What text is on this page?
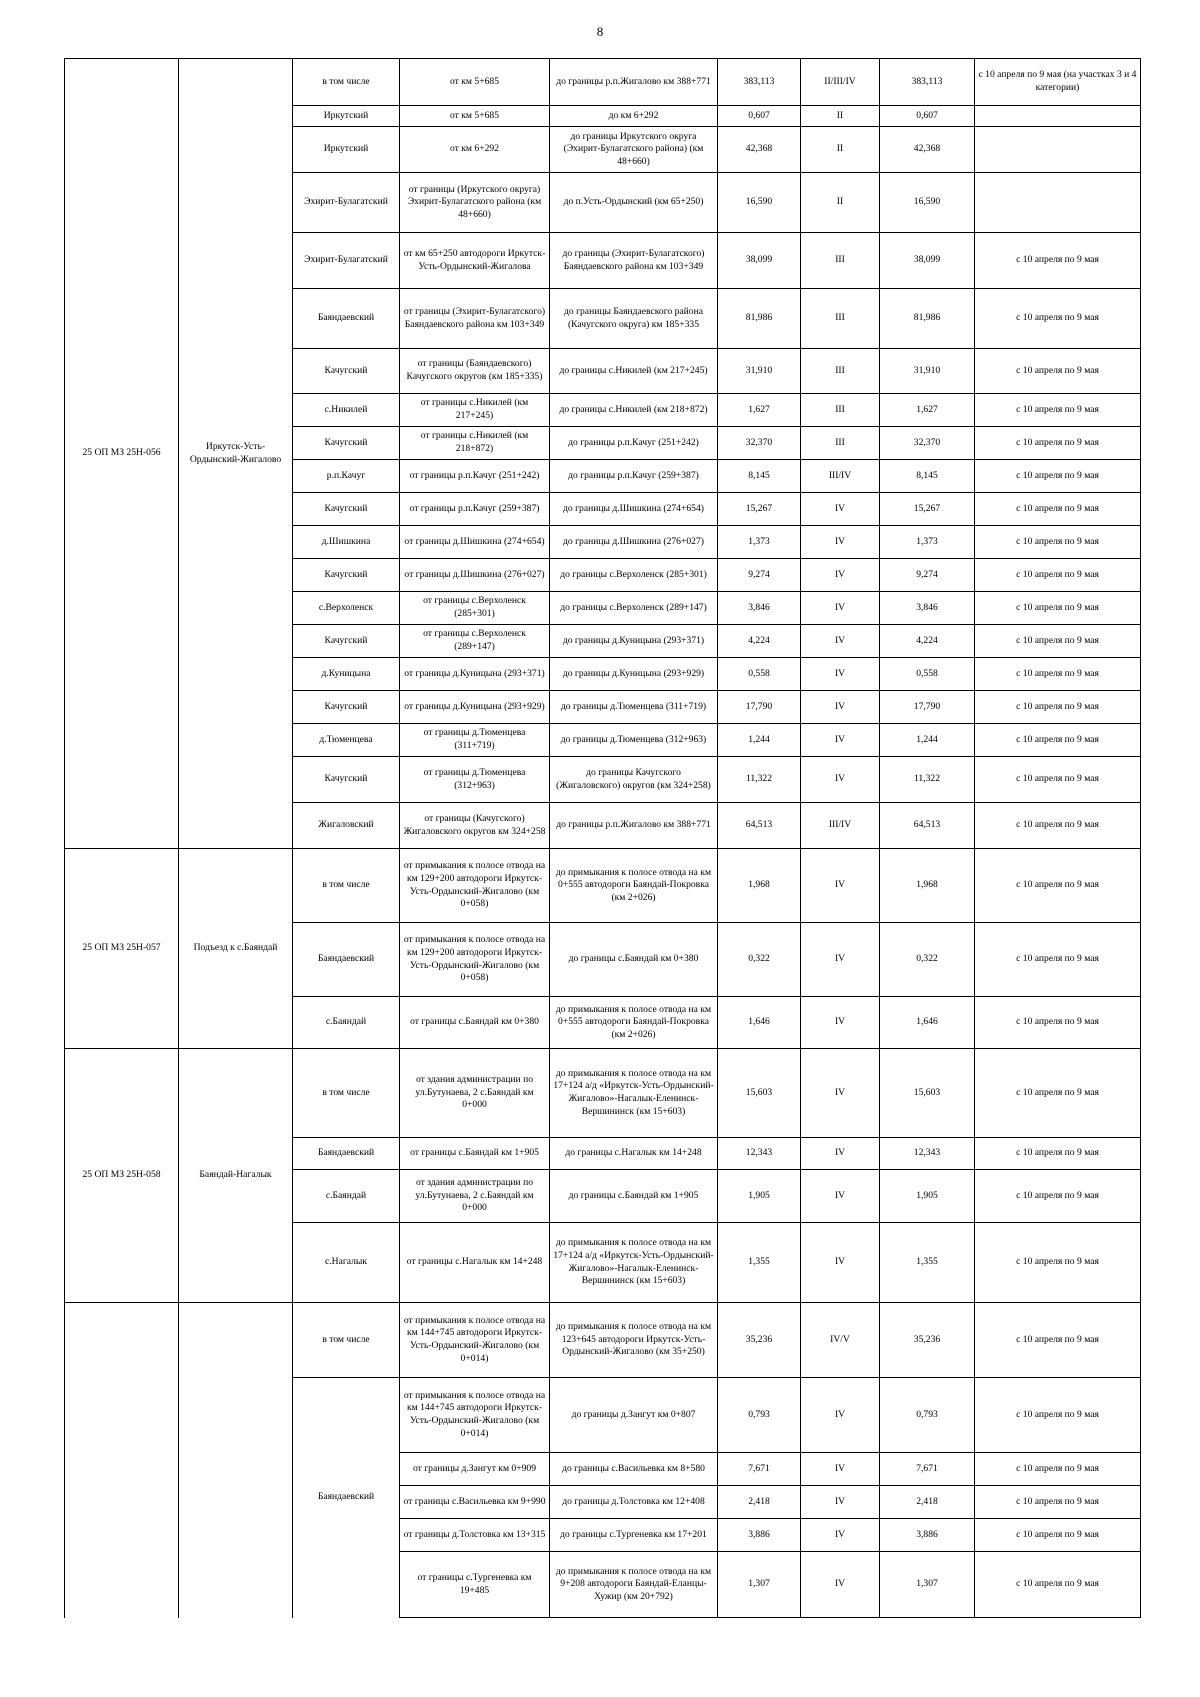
8
25 ОП МЗ 25Н-056	Иркутск-Усть-Ордынский-Жигалово	в том числе	от км 5+685	до границы р.п.Жигалово км 388+771	383,113	II/III/IV	383,113	с 10 апреля по 9 мая (на участках 3 и 4 категории)
		Иркутский	от км 5+685	до км 6+292	0,607	II	0,607	
		Иркутский	от км 6+292	до границы Иркутского округа (Эхирит-Булагатского района) (км 48+660)	42,368	II	42,368	
		Эхирит-Булагатский	от границы (Иркутского округа) Эхирит-Булагатского района (км 48+660)	до п.Усть-Ордынский (км 65+250)	16,590	II	16,590	
		Эхирит-Булагатский	от км 65+250 автодороги Иркутск-Усть-Ордынский-Жигалова	до границы (Эхирит-Булагатского) Баяндаевского района км 103+349	38,099	III	38,099	с 10 апреля по 9 мая
		Баяндаевский	от границы (Эхирит-Булагатского) Баяндаевского района км 103+349	до границы Баяндаевского района (Качугского округа) км 185+335	81,986	III	81,986	с 10 апреля по 9 мая
		Качугский	от границы (Баяндаевского) Качугского округов (км 185+335)	до границы с.Никилей (км 217+245)	31,910	III	31,910	с 10 апреля по 9 мая
		с.Никилей	от границы с.Никилей (км 217+245)	до границы с.Никилей (км 218+872)	1,627	III	1,627	с 10 апреля по 9 мая
		Качугский	от границы с.Никилей (км 218+872)	до границы р.п.Качуг (251+242)	32,370	III	32,370	с 10 апреля по 9 мая
		р.п.Качуг	от границы р.п.Качуг (251+242)	до границы р.п.Качуг (259+387)	8,145	III/IV	8,145	с 10 апреля по 9 мая
		Качугский	от границы р.п.Качуг (259+387)	до границы д.Шишкина (274+654)	15,267	IV	15,267	с 10 апреля по 9 мая
		д.Шишкина	от границы д.Шишкина (274+654)	до границы д.Шишкина (276+027)	1,373	IV	1,373	с 10 апреля по 9 мая
		Качугский	от границы д.Шишкина (276+027)	до границы с.Верхоленск (285+301)	9,274	IV	9,274	с 10 апреля по 9 мая
		с.Верхоленск	от границы с.Верхоленск (285+301)	до границы с.Верхоленск (289+147)	3,846	IV	3,846	с 10 апреля по 9 мая
		Качугский	от границы с.Верхоленск (289+147)	до границы д.Куницына (293+371)	4,224	IV	4,224	с 10 апреля по 9 мая
		д.Куницына	от границы д.Куницына (293+371)	до границы д.Куницына (293+929)	0,558	IV	0,558	с 10 апреля по 9 мая
		Качугский	от границы д.Куницына (293+929)	до границы д.Тюменцева (311+719)	17,790	IV	17,790	с 10 апреля по 9 мая
		д.Тюменцева	от границы д.Тюменцева (311+719)	до границы д.Тюменцева (312+963)	1,244	IV	1,244	с 10 апреля по 9 мая
		Качугский	от границы д.Тюменцева (312+963)	до границы Качугского (Жигаловского) округов (км 324+258)	11,322	IV	11,322	с 10 апреля по 9 мая
		Жигаловский	от границы (Качугского) Жигаловского округов км 324+258	до границы р.п.Жигалово км 388+771	64,513	III/IV	64,513	с 10 апреля по 9 мая
25 ОП МЗ 25Н-057	Подъезд к с.Баяндай	в том числе	от примыкания к полосе отвода на км 129+200 автодороги Иркутск-Усть-Ордынский-Жигалово (км 0+058)	до примыкания к полосе отвода на км 0+555 автодороги Баяндай-Покровка (км 2+026)	1,968	IV	1,968	с 10 апреля по 9 мая
		Баяндаевский	от примыкания к полосе отвода на км 129+200 автодороги Иркутск-Усть-Ордынский-Жигалово (км 0+058)	до границы с.Баяндай км 0+380	0,322	IV	0,322	с 10 апреля по 9 мая
		с.Баяндай	от границы с.Баяндай км 0+380	до примыкания к полосе отвода на км 0+555 автодороги Баяндай-Покровка (км 2+026)	1,646	IV	1,646	с 10 апреля по 9 мая
25 ОП МЗ 25Н-058	Баяндай-Нагалык	в том числе	от здания администрации по ул.Бутунаева, 2 с.Баяндай км 0+000	до примыкания к полосе отвода на км 17+124 а/д «Иркутск-Усть-Ордынский-Жигалово»-Нагалык-Еленинск-Вершининск (км 15+603)	15,603	IV	15,603	с 10 апреля по 9 мая
		Баяндаевский	от границы с.Баяндай км 1+905	до границы с.Нагалык км 14+248	12,343	IV	12,343	с 10 апреля по 9 мая
		с.Баяндай	от здания администрации по ул.Бутунаева, 2 с.Баяндай км 0+000	до границы с.Баяндай км 1+905	1,905	IV	1,905	с 10 апреля по 9 мая
		с.Нагалык	от границы с.Нагалык км 14+248	до примыкания к полосе отвода на км 17+124 а/д «Иркутск-Усть-Ордынский-Жигалово»-Нагалык-Еленинск-Вершининск (км 15+603)	1,355	IV	1,355	с 10 апреля по 9 мая
		в том числе	от примыкания к полосе отвода на км 144+745 автодороги Иркутск-Усть-Ордынский-Жигалово (км 0+014)	до примыкания к полосе отвода на км 123+645 автодороги Иркутск-Усть-Ордынский-Жигалово (км 35+250)	35,236	IV/V	35,236	с 10 апреля по 9 мая
		Баяндаевский	от примыкания к полосе отвода на км 144+745 автодороги Иркутск-Усть-Ордынский-Жигалово (км 0+014)	до границы д.Зангут км 0+807	0,793	IV	0,793	с 10 апреля по 9 мая
			от границы д.Зангут км 0+909	до границы с.Васильевка км 8+580	7,671	IV	7,671	с 10 апреля по 9 мая
			от границы с.Васильевка км 9+990	до границы д.Толстовка км 12+408	2,418	IV	2,418	с 10 апреля по 9 мая
			от границы д.Толстовка км 13+315	до границы с.Тургеневка км 17+201	3,886	IV	3,886	с 10 апреля по 9 мая
			от границы с.Тургеневка км 19+485	до примыкания к полосе отвода на км 9+208 автодороги Баяндай-Еланцы-Хужир (км 20+792)	1,307	IV	1,307	с 10 апреля по 9 мая
